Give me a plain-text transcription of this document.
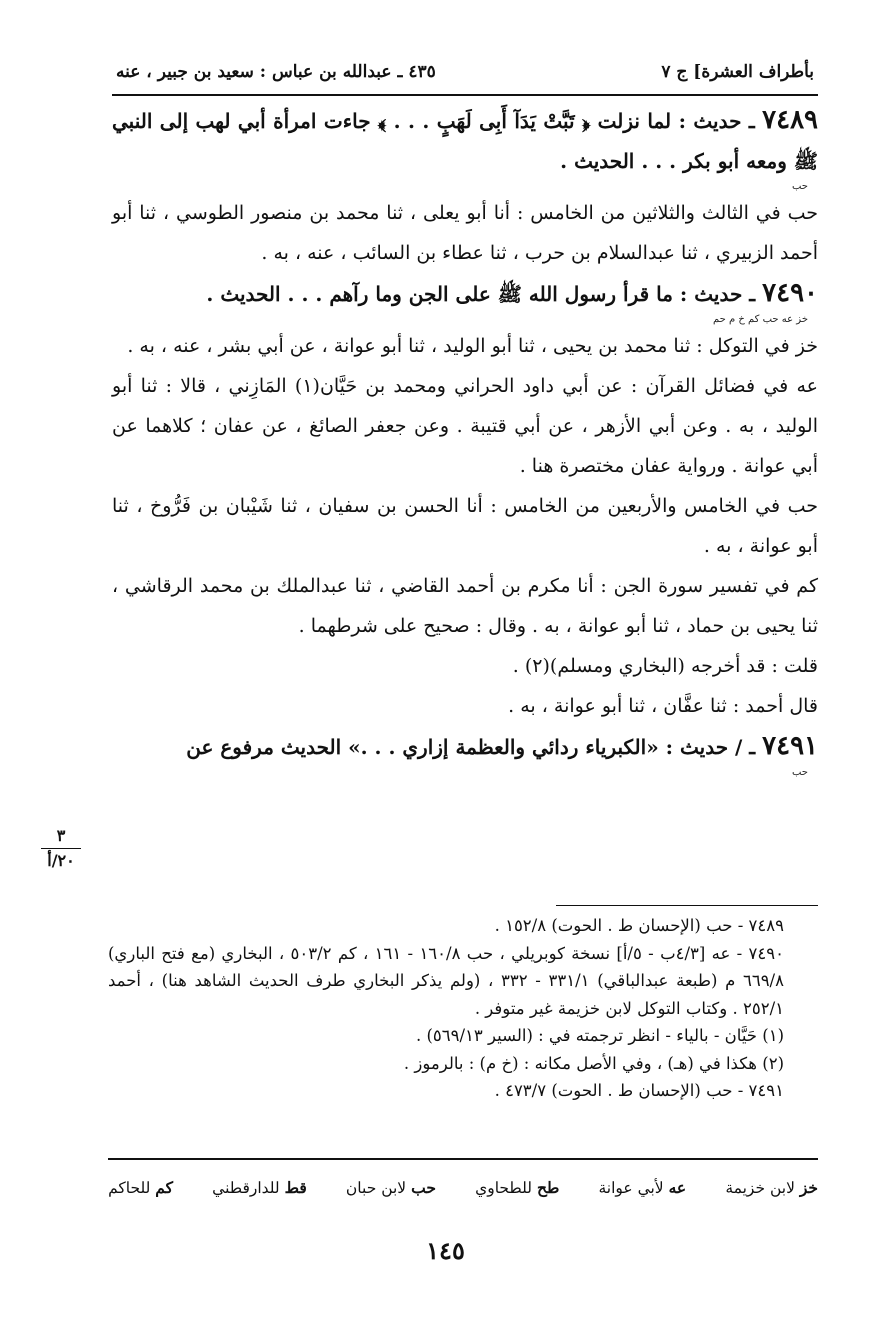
بأطراف العشرة] ج ٧
٤٣٥ ـ عبدالله بن عباس : سعيد بن جبير ، عنه

٧٤٨٩ ـ حديث : لما نزلت ﴿ تَبَّتْ يَدَآ أَبِى لَهَبٍ . . . ﴾ جاءت امرأة أبي لهب إلى النبي ﷺ ومعه أبو بكر . . . الحديث .

حب

حب في الثالث والثلاثين من الخامس : أنا أبو يعلى ، ثنا محمد بن منصور الطوسي ، ثنا أبو أحمد الزبيري ، ثنا عبدالسلام بن حرب ، ثنا عطاء بن السائب ، عنه ، به .

٧٤٩٠ ـ حديث : ما قرأ رسول الله ﷺ على الجن وما رآهم . . . الحديث .

خز عه حب كم خ م حم

خز في التوكل : ثنا محمد بن يحيى ، ثنا أبو الوليد ، ثنا أبو عوانة ، عن أبي بشر ، عنه ، به .

عه في فضائل القرآن : عن أبي داود الحراني ومحمد بن حَيَّان(١) المَازِني ، قالا : ثنا أبو الوليد ، به . وعن أبي الأزهر ، عن أبي قتيبة . وعن جعفر الصائغ ، عن عفان ؛ كلاهما عن أبي عوانة . ورواية عفان مختصرة هنا .

حب في الخامس والأربعين من الخامس : أنا الحسن بن سفيان ، ثنا شَيْبان بن فَرُّوخ ، ثنا أبو عوانة ، به .

كم في تفسير سورة الجن : أنا مكرم بن أحمد القاضي ، ثنا عبدالملك بن محمد الرقاشي ، ثنا يحيى بن حماد ، ثنا أبو عوانة ، به . وقال : صحيح على شرطهما .

قلت : قد أخرجه (البخاري ومسلم)(٢) .

قال أحمد : ثنا عفَّان ، ثنا أبو عوانة ، به .

٧٤٩١ ـ / حديث : «الكبرياء ردائي والعظمة إزاري . . .» الحديث مرفوع عن

حب
٣
٢٠/أ

٧٤٨٩ - حب (الإحسان ط . الحوت) ١٥٢/٨ .

٧٤٩٠ - عه [٤/٣ب - ٥/أ] نسخة كوبريلي ، حب ١٦٠/٨ - ١٦١ ، كم ٥٠٣/٢ ، البخاري (مع فتح الباري) ٦٦٩/٨ م (طبعة عبدالباقي) ٣٣١/١ - ٣٣٢ ، (ولم يذكر البخاري طرف الحديث الشاهد هنا) ، أحمد ٢٥٢/١ . وكتاب التوكل لابن خزيمة غير متوفر .

(١) حَيَّان - بالياء - انظر ترجمته في : (السير ٥٦٩/١٣) .

(٢) هكذا في (هـ) ، وفي الأصل مكانه : (خ م) : بالرموز .

٧٤٩١ - حب (الإحسان ط . الحوت) ٤٧٣/٧ .

خز لابن خزيمة
عه لأبي عوانة
طح للطحاوي
حب لابن حبان
قط للدارقطني
كم للحاكم
١٤٥
